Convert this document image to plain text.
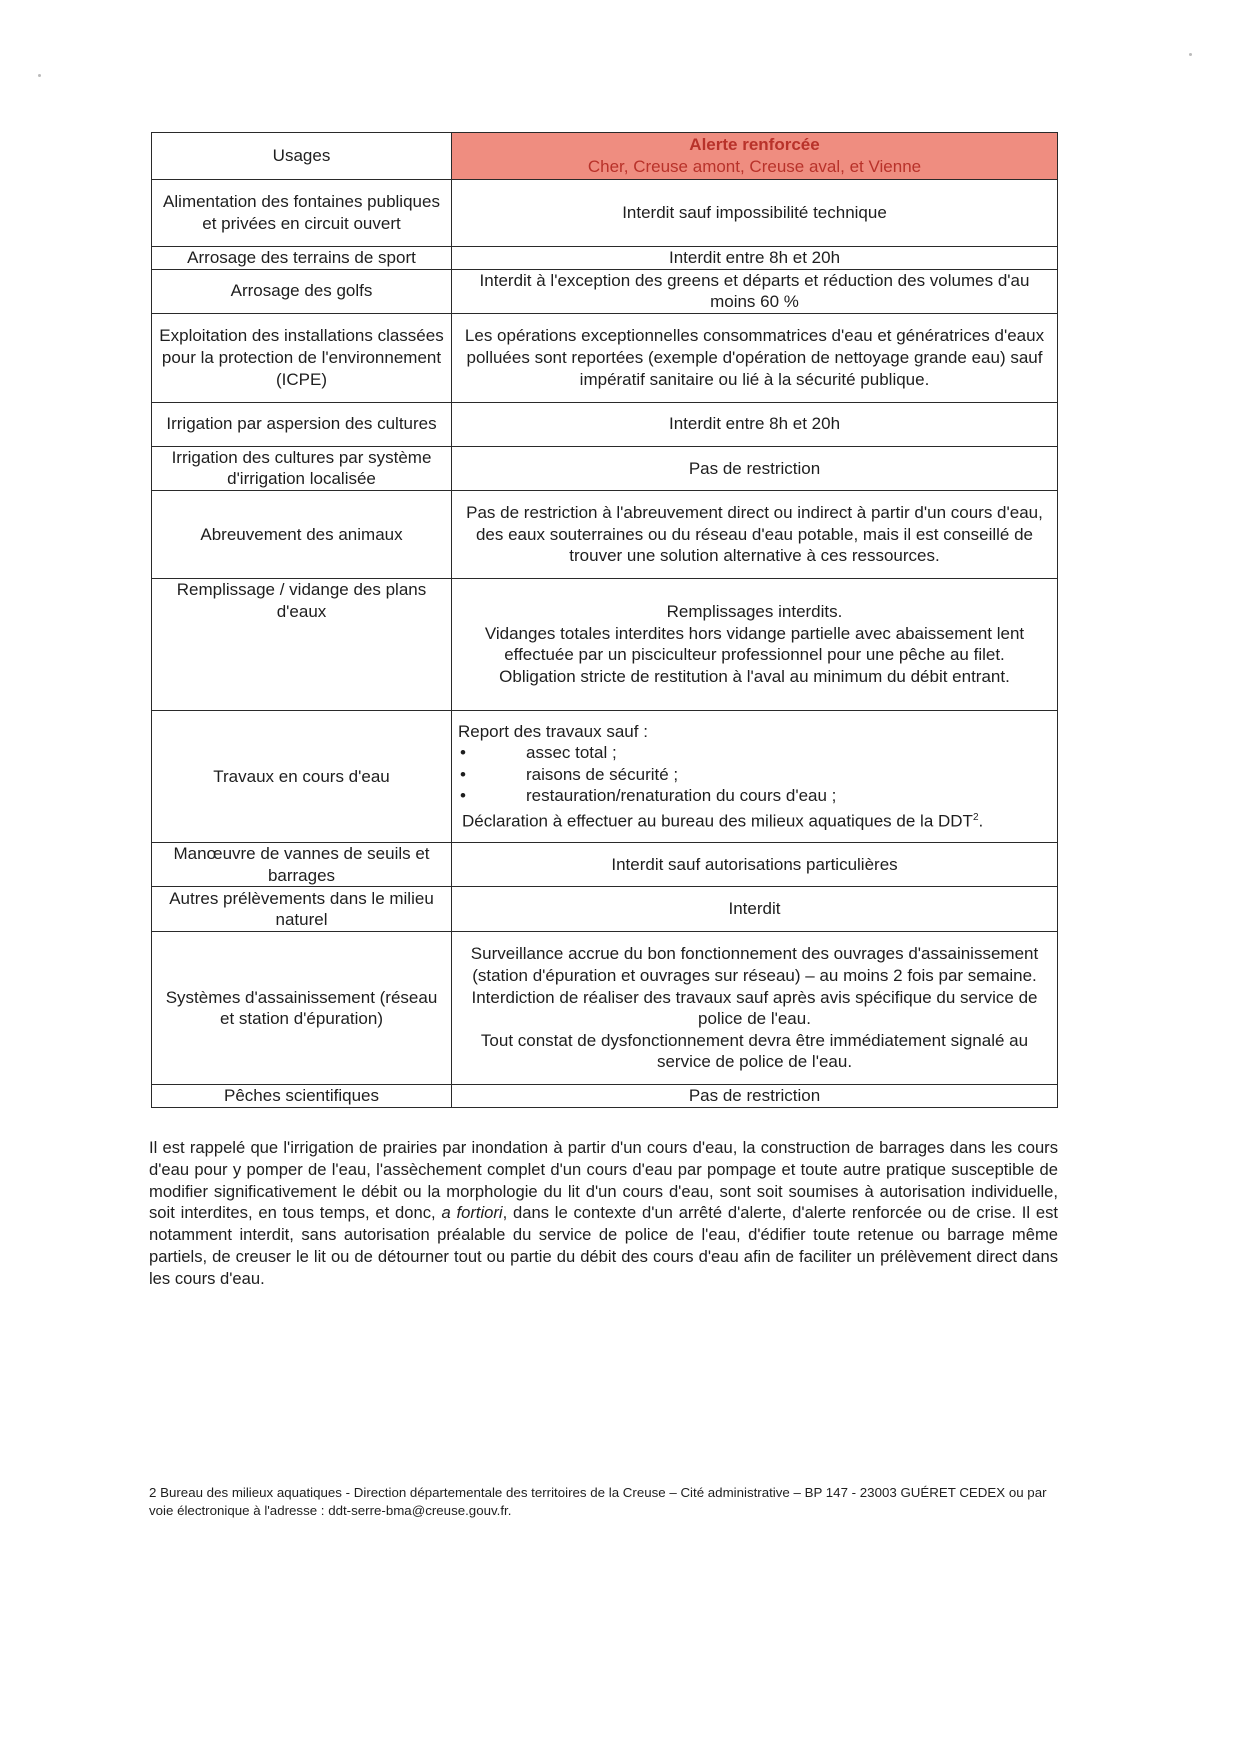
Usages	Alerte renforcée
Cher, Creuse amont, Creuse aval, et Vienne

Alimentation des fontaines publiques et privées en circuit ouvert	Interdit sauf impossibilité technique
Arrosage des terrains de sport	Interdit entre 8h et 20h
Arrosage des golfs	Interdit à l'exception des greens et départs et réduction des volumes d'au moins 60 %
Exploitation des installations classées pour la protection de l'environnement (ICPE)	Les opérations exceptionnelles consommatrices d'eau et génératrices d'eaux polluées sont reportées (exemple d'opération de nettoyage grande eau) sauf impératif sanitaire ou lié à la sécurité publique.
Irrigation par aspersion des cultures	Interdit entre 8h et 20h
Irrigation des cultures par système d'irrigation localisée	Pas de restriction
Abreuvement des animaux	Pas de restriction à l'abreuvement direct ou indirect à partir d'un cours d'eau, des eaux souterraines ou du réseau d'eau potable, mais il est conseillé de trouver une solution alternative à ces ressources.
Remplissage / vidange des plans d'eaux	Remplissages interdits.
Vidanges totales interdites hors vidange partielle avec abaissement lent effectuée par un pisciculteur professionnel pour une pêche au filet.
Obligation stricte de restitution à l'aval au minimum du débit entrant.

Travaux en cours d'eau	Report des travaux sauf :
• assec total ;
• raisons de sécurité ;
• restauration/renaturation du cours d'eau ;
Déclaration à effectuer au bureau des milieux aquatiques de la DDT$^2$.

Manœuvre de vannes de seuils et barrages	Interdit sauf autorisations particulières
Autres prélèvements dans le milieu naturel	Interdit
Systèmes d'assainissement (réseau et station d'épuration)	Surveillance accrue du bon fonctionnement des ouvrages d'assainissement (station d'épuration et ouvrages sur réseau) – au moins 2 fois par semaine.
Interdiction de réaliser des travaux sauf après avis spécifique du service de police de l'eau.
Tout constat de dysfonctionnement devra être immédiatement signalé au service de police de l'eau.

Pêches scientifiques	Pas de restriction

Il est rappelé que l'irrigation de prairies par inondation à partir d'un cours d'eau, la construction de barrages dans les cours d'eau pour y pomper de l'eau, l'assèchement complet d'un cours d'eau par pompage et toute autre pratique susceptible de modifier significativement le débit ou la morphologie du lit d'un cours d'eau, sont soit soumises à autorisation individuelle, soit interdites, en tous temps, et donc, a fortiori, dans le contexte d'un arrêté d'alerte, d'alerte renforcée ou de crise. Il est notamment interdit, sans autorisation préalable du service de police de l'eau, d'édifier toute retenue ou barrage même partiels, de creuser le lit ou de détourner tout ou partie du débit des cours d'eau afin de faciliter un prélèvement direct dans les cours d'eau.

2 Bureau des milieux aquatiques - Direction départementale des territoires de la Creuse – Cité administrative – BP 147 - 23003 GUÉRET CEDEX ou par voie électronique à l'adresse : ddt-serre-bma@creuse.gouv.fr.
